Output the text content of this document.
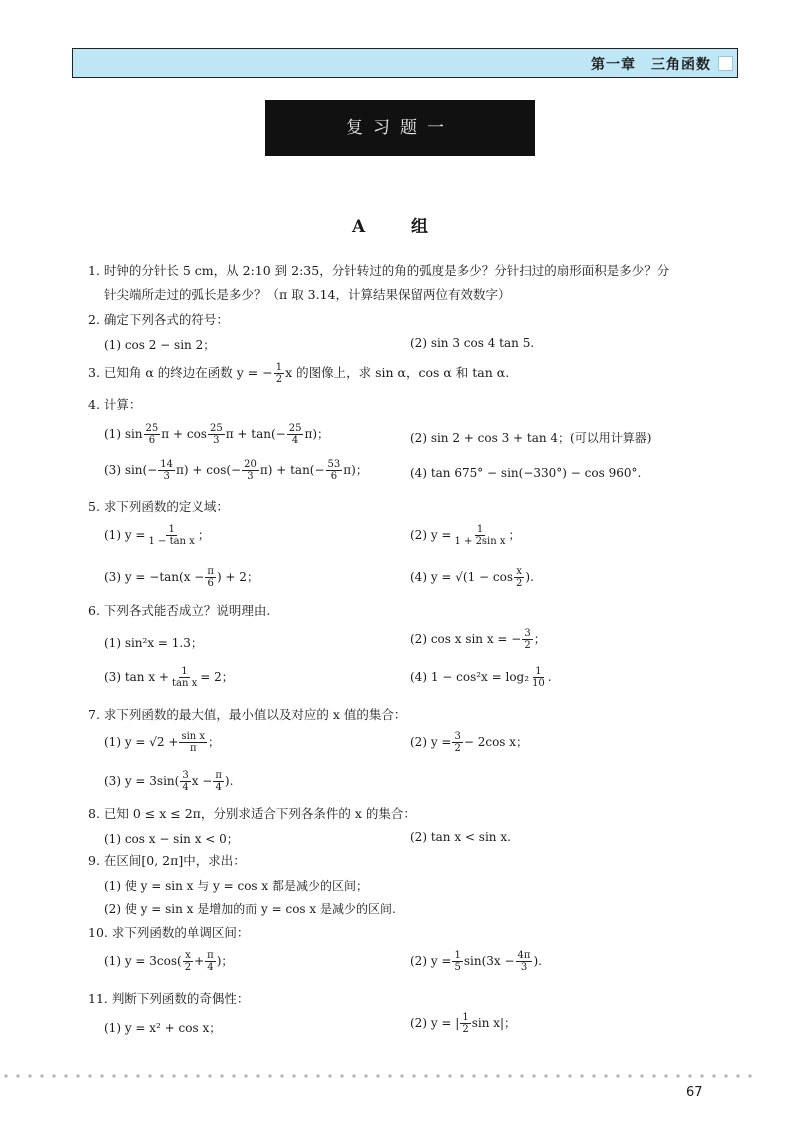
第一章　三角函数
复习题一
A 组
1. 时钟的分针长 5 cm，从 2:10 到 2:35，分针转过的角的弧度是多少？分针扫过的扇形面积是多少？分
针尖端所走过的弧长是多少？（π 取 3.14，计算结果保留两位有效数字）
2. 确定下列各式的符号：
(1) cos 2 − sin 2；	(2) sin 3 cos 4 tan 5.
3. 已知角 α 的终边在函数 y = − $\frac{1}{2}$ x 的图像上，求 sin α，cos α 和 tan α.
4. 计算：
(1) $\sin \frac{25}{6}$ $\pi + \cos \frac{25}{3}$ $\pi + \tan(- \frac{25}{4} \pi)$；	(2) sin 2 + cos 3 + tan 4；(可以用计算器)
(3) $\sin(- \frac{14}{3} \pi) + \cos(- \frac{20}{3} \pi) + \tan(- \frac{53}{6} \pi)$；	(4) tan 675° − sin(−330°) − cos 960°.
5. 求下列函数的定义域：
(1) $y = \frac{1}{\text{1 − tan x}}$ ；	(2) $y = \frac{1}{\text{1 + 2sin x}}$ ；
(3) $y = -\tan(x - \frac{\pi}{6}$ ) + 2；	(4) $y = √(1 - \cos \frac{x}{2}$ ).
6. 下列各式能否成立？说明理由.
(1) sin²x = 1.3；	(2) cos x sin x = − $\frac{3}{2}$ ；
(3) $\tan x + \frac{1}{\text{tan x}} = 2$；	(4) $1 - \cos^2x = \log_2 \frac{1}{10}$ .
7. 求下列函数的最大值，最小值以及对应的 x 值的集合：
(1) $y = √2 + \frac{\text{sin x}}{\pi}$ ；	(2) $y = \frac{3}{2} - 2\cos$ x；
(3) $y = 3\sin( \frac{3}{4}$ $x - \frac{\pi}{4}$ ).
8. 已知 0 ≤ x ≤ 2π，分别求适合下列各条件的 x 的集合：
(1) cos x − sin x < 0；	(2) tan x < sin x.
9. 在区间[0, 2π]中，求出：
(1) 使 y = sin x 与 y = cos x 都是减少的区间；
(2) 使 y = sin x 是增加的而 y = cos x 是减少的区间.
10. 求下列函数的单调区间：
(1) $y = 3\cos( \frac{x}{2} + \frac{\pi}{4}$ )；	(2) $y = \frac{1}{5} \sin(3x - \frac{4\pi}{3}$ ).
11. 判断下列函数的奇偶性：
(1) y = x² + cos x；	(2) y = | $\frac{1}{2}$ sin x|；
67
